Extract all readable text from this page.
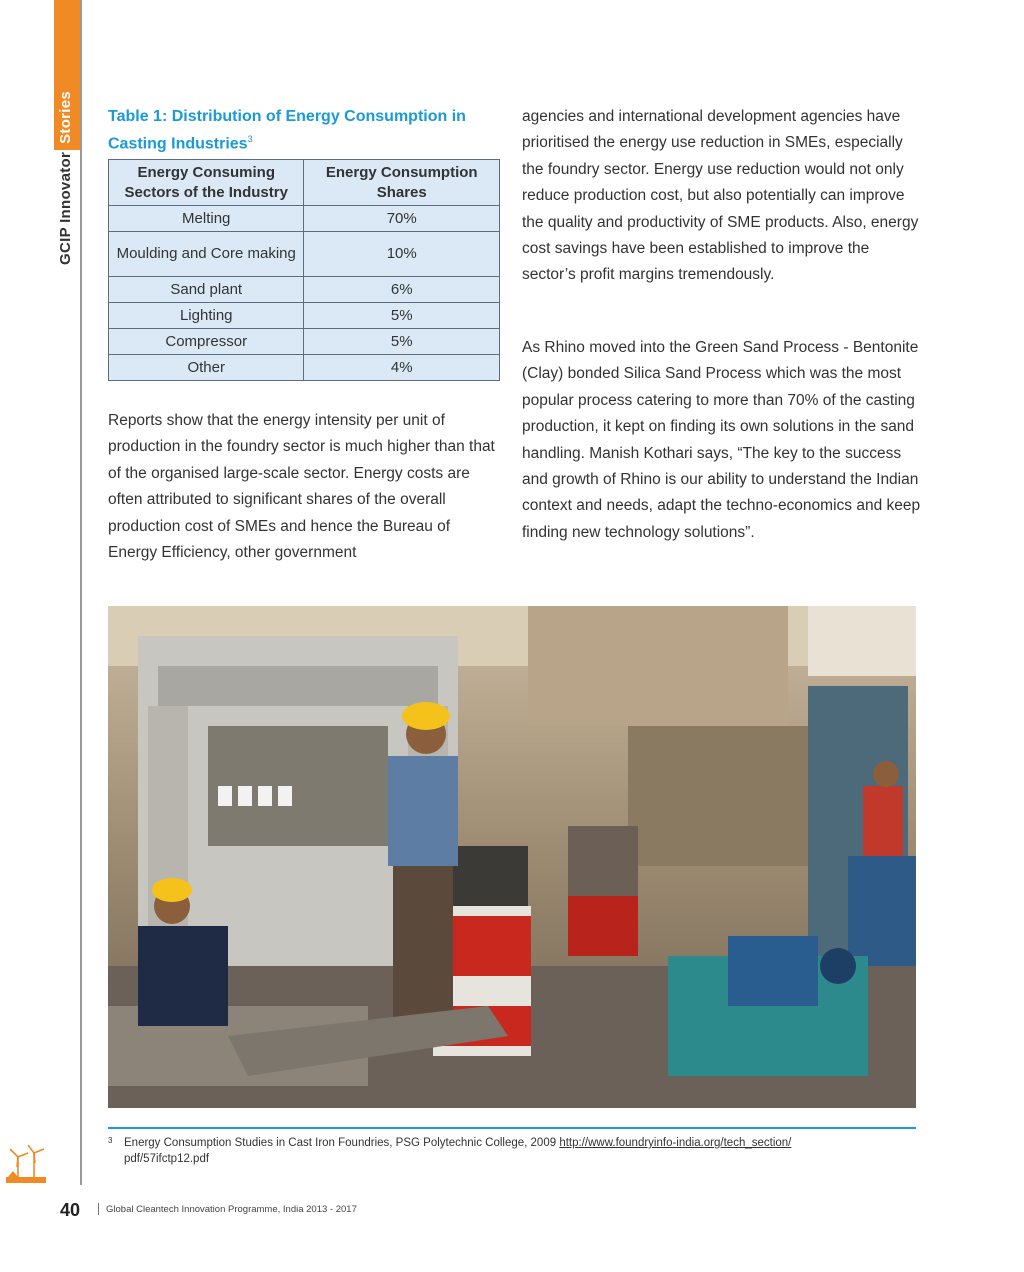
GCIP InnovatorStories Table 1: Distribution of Energy Consumption in Casting Industries$^3$
Energy Consuming Sectors of the Industry	Energy Consumption Shares
Melting	70%
Moulding and Core making	10%
Sand plant	6%
Lighting	5%
Compressor	5%
Other	4%
Reports show that the energy intensity per unit of production in the foundry sector is much higher than that of the organised large-scale sector. Energy costs are often attributed to significant shares of the overall production cost of SMEs and hence the Bureau of Energy Efficiency, other government
agencies and international development agencies have prioritised the energy use reduction in SMEs, especially the foundry sector. Energy use reduction would not only reduce production cost, but also potentially can improve the quality and productivity of SME products. Also, energy cost savings have been established to improve the sector’s profit margins tremendously.
As Rhino moved into the Green Sand Process - Bentonite (Clay) bonded Silica Sand Process which was the most popular process catering to more than 70% of the casting production, it kept on finding its own solutions in the sand handling. Manish Kothari says, “The key to the success and growth of Rhino is our ability to understand the Indian context and needs, adapt the techno-economics and keep finding new technology solutions”.
3 Energy Consumption Studies in Cast Iron Foundries, PSG Polytechnic College, 2009 http://www.foundryinfo-india.org/tech_section/
pdf/57ifctp12.pdf
40	Global Cleantech Innovation Programme, India 2013 - 2017
